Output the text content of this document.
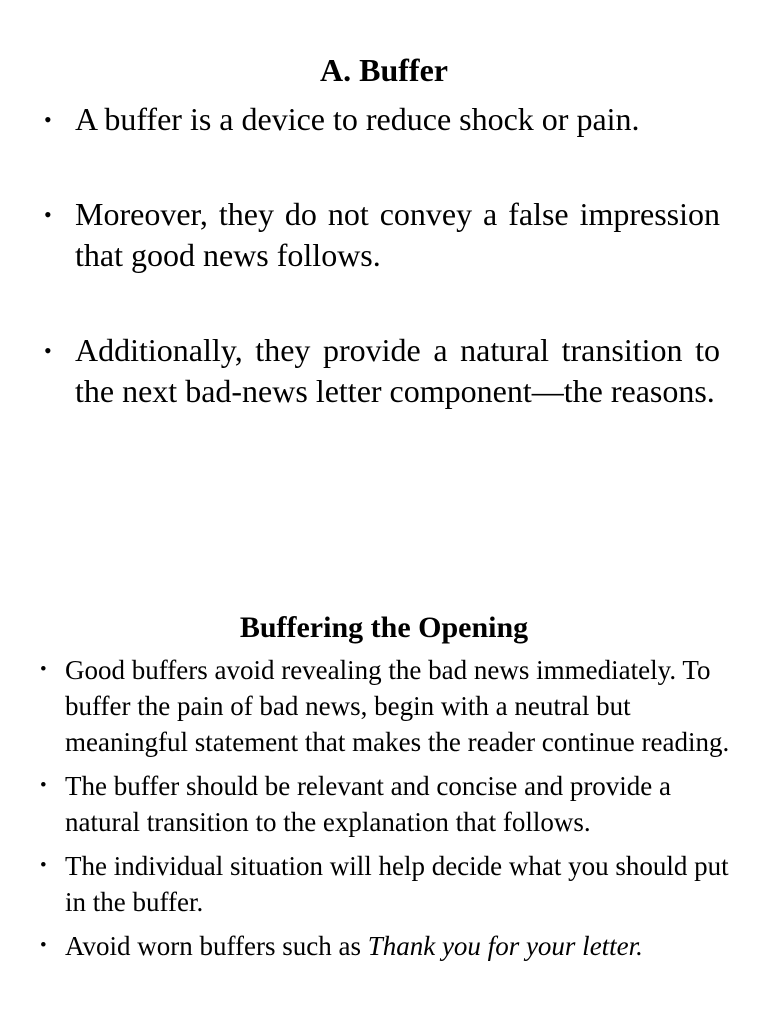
A. Buffer
• A buffer is a device to reduce shock or pain.
• Moreover, they do not convey a false impression that good news follows.
• Additionally, they provide a natural transition to the next bad-news letter component—the reasons.
Buffering the Opening
• Good buffers avoid revealing the bad news immediately. To buffer the pain of bad news, begin with a neutral but meaningful statement that makes the reader continue reading.
• The buffer should be relevant and concise and provide a natural transition to the explanation that follows.
• The individual situation will help decide what you should put in the buffer.
• Avoid worn buffers such as Thank you for your letter.
